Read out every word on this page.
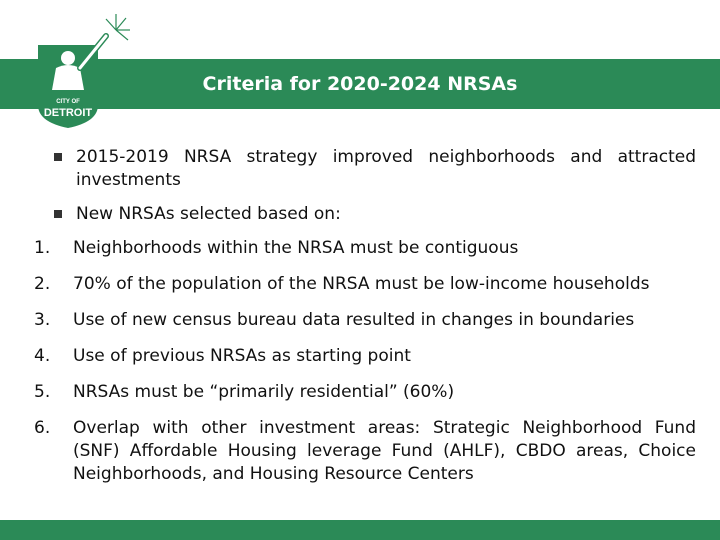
Criteria for 2020-2024 NRSAs
CITY OF
DETROIT
2015-2019 NRSA strategy improved neighborhoods and attracted investments
New NRSAs selected based on:
1. Neighborhoods within the NRSA must be contiguous
2. 70% of the population of the NRSA must be low-income households
3. Use of new census bureau data resulted in changes in boundaries
4. Use of previous NRSAs as starting point
5. NRSAs must be “primarily residential” (60%)
6. Overlap with other investment areas: Strategic Neighborhood Fund (SNF) Affordable Housing leverage Fund (AHLF), CBDO areas, Choice Neighborhoods, and Housing Resource Centers
